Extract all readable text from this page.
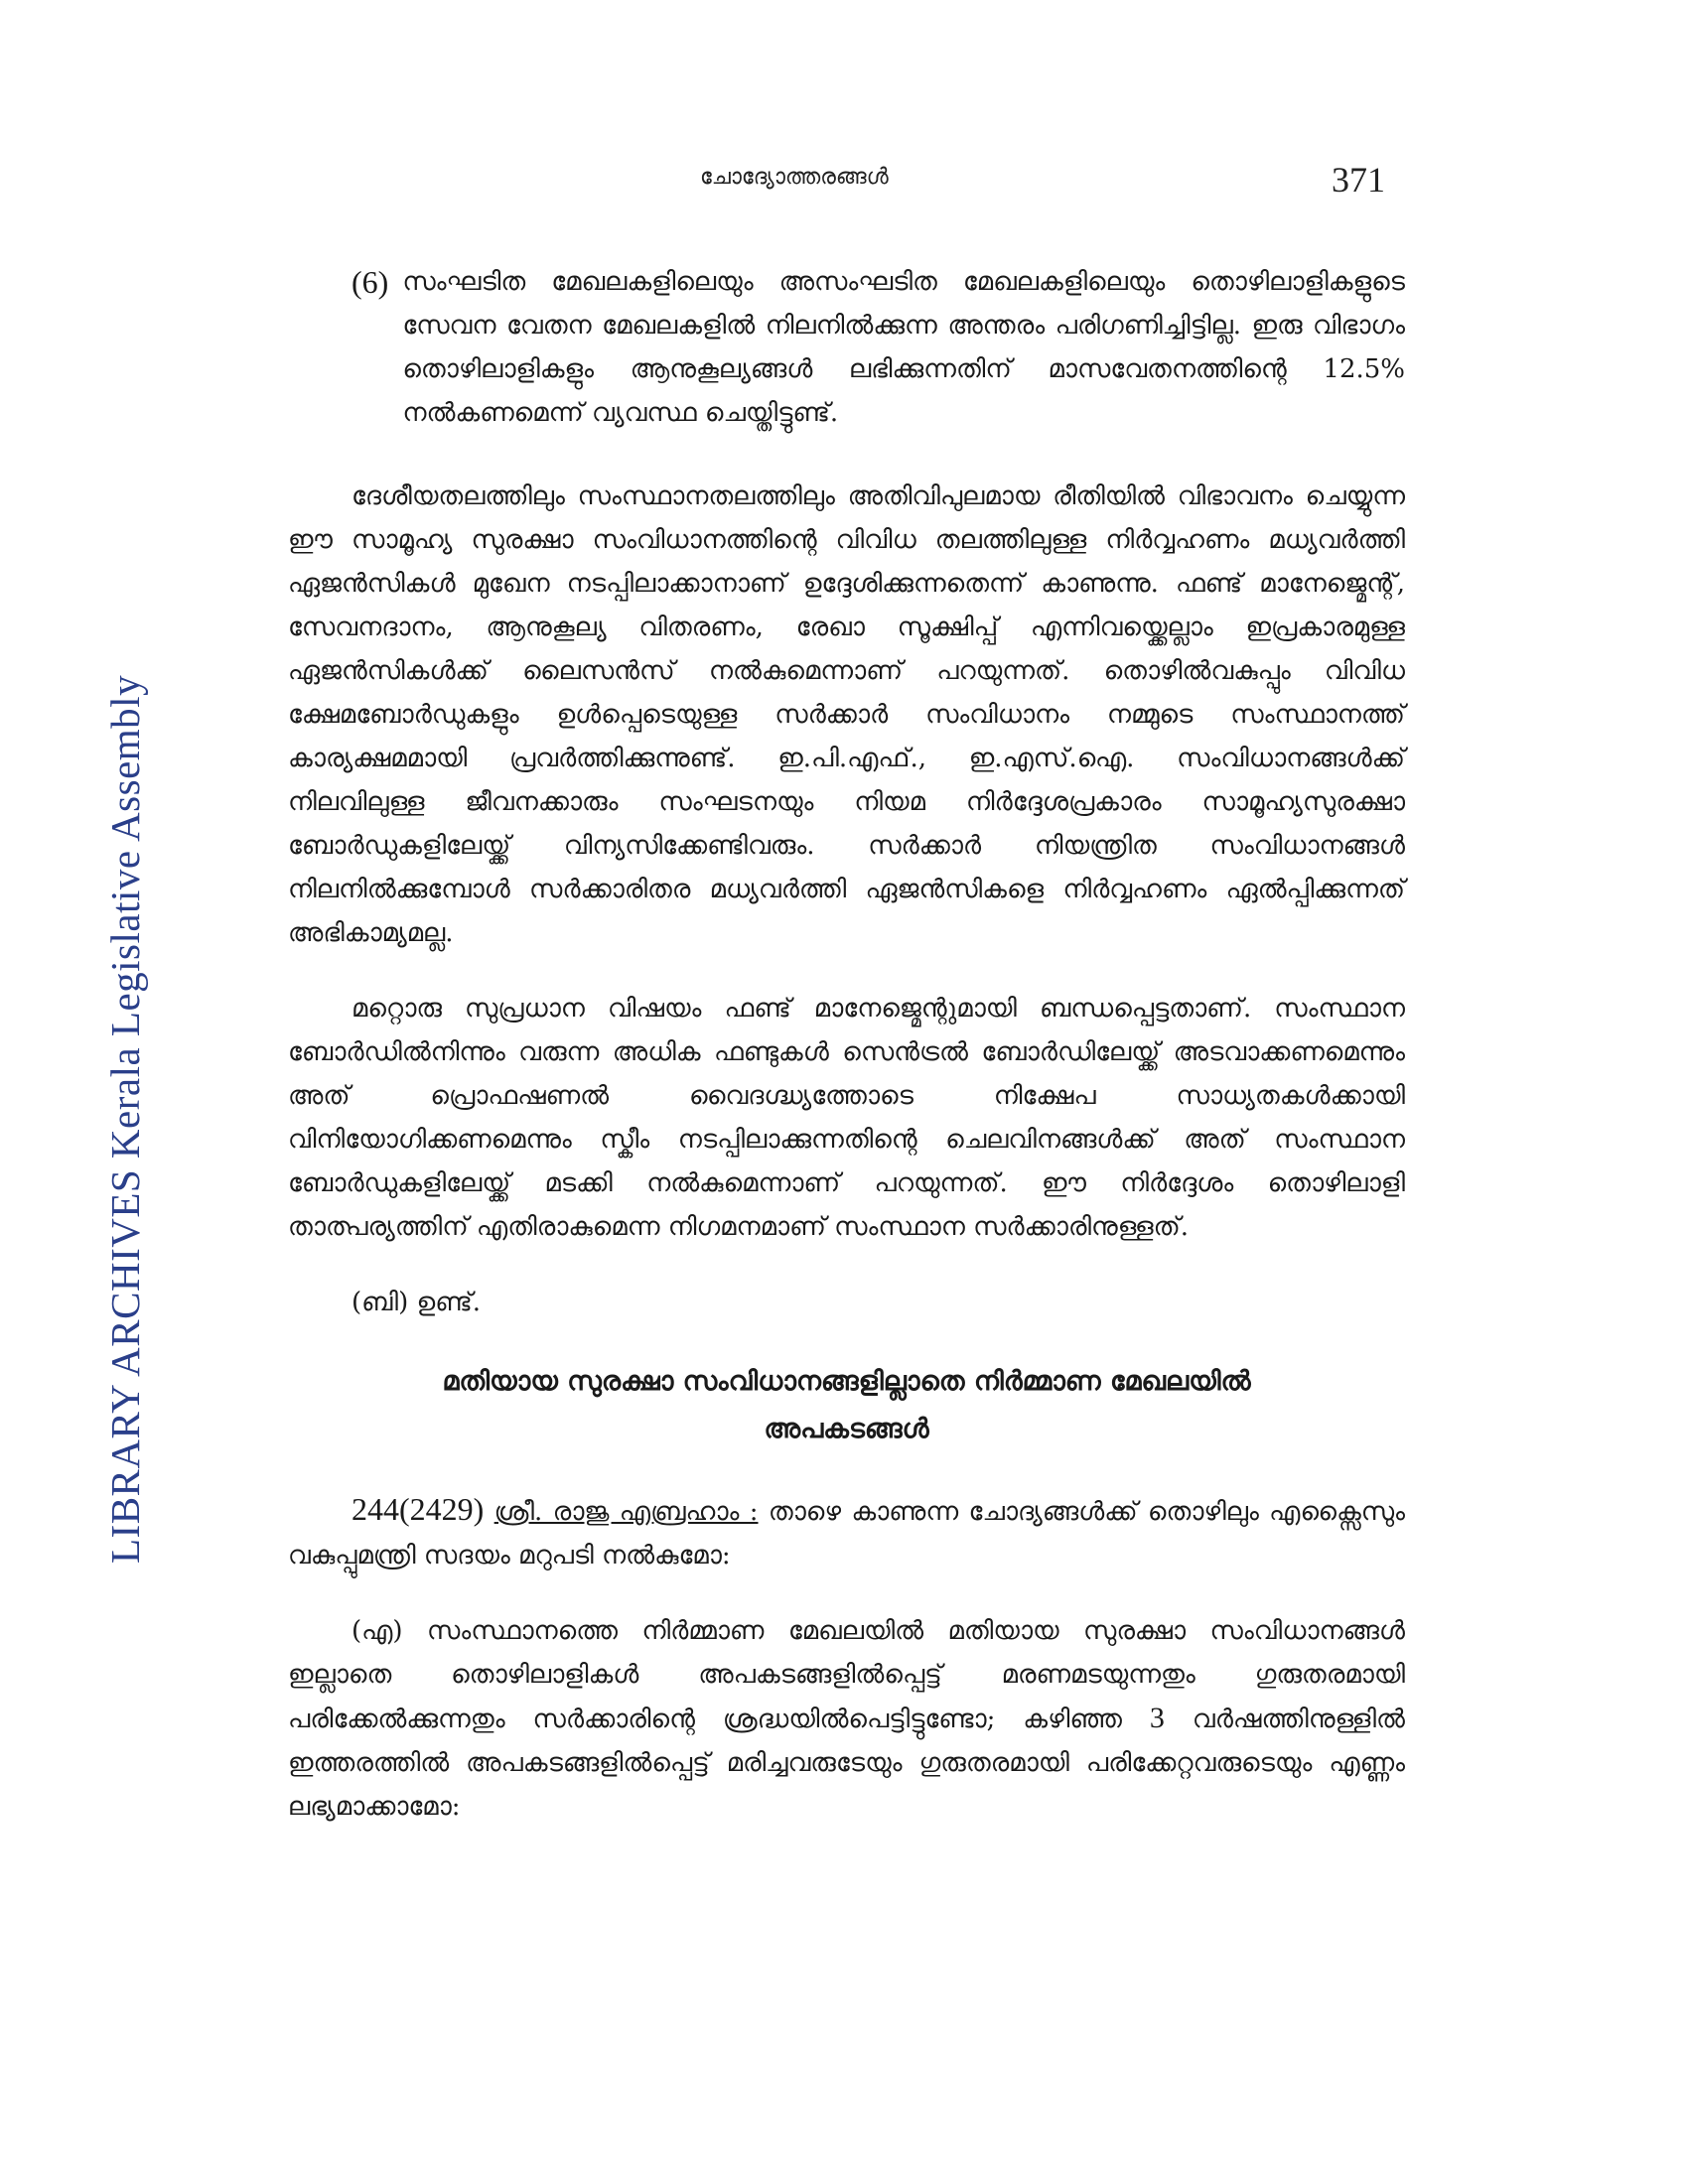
LIBRARY ARCHIVES Kerala Legislative Assembly
ചോദ്യോത്തരങ്ങൾ	371
(6) സംഘടിത മേഖലകളിലെയും അസംഘടിത മേഖലകളിലെയും തൊഴിലാളികളുടെ സേവന വേതന മേഖലകളിൽ നിലനിൽക്കുന്ന അന്തരം പരിഗണിച്ചിട്ടില്ല. ഇരു വിഭാഗം തൊഴിലാളികളും ആനുകൂല്യങ്ങൾ ലഭിക്കുന്നതിന് മാസവേതനത്തിന്റെ 12.5% നൽകണമെന്ന് വ്യവസ്ഥ ചെയ്തിട്ടുണ്ട്.

ദേശീയതലത്തിലും സംസ്ഥാനതലത്തിലും അതിവിപുലമായ രീതിയിൽ വിഭാവനം ചെയ്യുന്ന ഈ സാമൂഹ്യ സുരക്ഷാ സംവിധാനത്തിന്റെ വിവിധ തലത്തിലുള്ള നിർവ്വഹണം മധ്യവർത്തി ഏജൻസികൾ മുഖേന നടപ്പിലാക്കാനാണ് ഉദ്ദേശിക്കുന്നതെന്ന് കാണുന്നു. ഫണ്ട് മാനേജ്മെന്റ്, സേവനദാനം, ആനുകൂല്യ വിതരണം, രേഖാ സൂക്ഷിപ്പ് എന്നിവയ്ക്കെല്ലാം ഇപ്രകാരമുള്ള ഏജൻസികൾക്ക് ലൈസൻസ് നൽകുമെന്നാണ് പറയുന്നത്. തൊഴിൽവകുപ്പും വിവിധ ക്ഷേമബോർഡുകളും ഉൾപ്പെടെയുള്ള സർക്കാർ സംവിധാനം നമ്മുടെ സംസ്ഥാനത്ത് കാര്യക്ഷമമായി പ്രവർത്തിക്കുന്നുണ്ട്. ഇ.പി.എഫ്., ഇ.എസ്.ഐ. സംവിധാനങ്ങൾക്ക് നിലവിലുള്ള ജീവനക്കാരും സംഘടനയും നിയമ നിർദ്ദേശപ്രകാരം സാമൂഹ്യസുരക്ഷാ ബോർഡുകളിലേയ്ക്ക് വിന്യസിക്കേണ്ടിവരും. സർക്കാർ നിയന്ത്രിത സംവിധാനങ്ങൾ നിലനിൽക്കുമ്പോൾ സർക്കാരിതര മധ്യവർത്തി ഏജൻസികളെ നിർവ്വഹണം ഏൽപ്പിക്കുന്നത് അഭികാമ്യമല്ല.

മറ്റൊരു സുപ്രധാന വിഷയം ഫണ്ട് മാനേജ്മെന്റുമായി ബന്ധപ്പെട്ടതാണ്. സംസ്ഥാന ബോർഡിൽനിന്നും വരുന്ന അധിക ഫണ്ടുകൾ സെൻട്രൽ ബോർഡിലേയ്ക്ക് അടവാക്കണമെന്നും അത് പ്രൊഫഷണൽ വൈദഗ്ദ്ധ്യത്തോടെ നിക്ഷേപ സാധ്യതകൾക്കായി വിനിയോഗിക്കണമെന്നും സ്കീം നടപ്പിലാക്കുന്നതിന്റെ ചെലവിനങ്ങൾക്ക് അത് സംസ്ഥാന ബോർഡുകളിലേയ്ക്ക് മടക്കി നൽകുമെന്നാണ് പറയുന്നത്. ഈ നിർദ്ദേശം തൊഴിലാളി താത്പര്യത്തിന് എതിരാകുമെന്ന നിഗമനമാണ് സംസ്ഥാന സർക്കാരിനുള്ളത്.

(ബി) ഉണ്ട്.

മതിയായ സുരക്ഷാ സംവിധാനങ്ങളില്ലാതെ നിർമ്മാണ മേഖലയിൽ
അപകടങ്ങൾ

244(2429) ശ്രീ. രാജു എബ്രഹാം : താഴെ കാണുന്ന ചോദ്യങ്ങൾക്ക് തൊഴിലും എക്സൈസും വകുപ്പുമന്ത്രി സദയം മറുപടി നൽകുമോ:

(എ) സംസ്ഥാനത്തെ നിർമ്മാണ മേഖലയിൽ മതിയായ സുരക്ഷാ സംവിധാനങ്ങൾ ഇല്ലാതെ തൊഴിലാളികൾ അപകടങ്ങളിൽപ്പെട്ട് മരണമടയുന്നതും ഗുരുതരമായി പരിക്കേൽക്കുന്നതും സർക്കാരിന്റെ ശ്രദ്ധയിൽപെട്ടിട്ടുണ്ടോ; കഴിഞ്ഞ 3 വർഷത്തിനുള്ളിൽ ഇത്തരത്തിൽ അപകടങ്ങളിൽപ്പെട്ട് മരിച്ചവരുടേയും ഗുരുതരമായി പരിക്കേറ്റവരുടെയും എണ്ണം ലഭ്യമാക്കാമോ:
